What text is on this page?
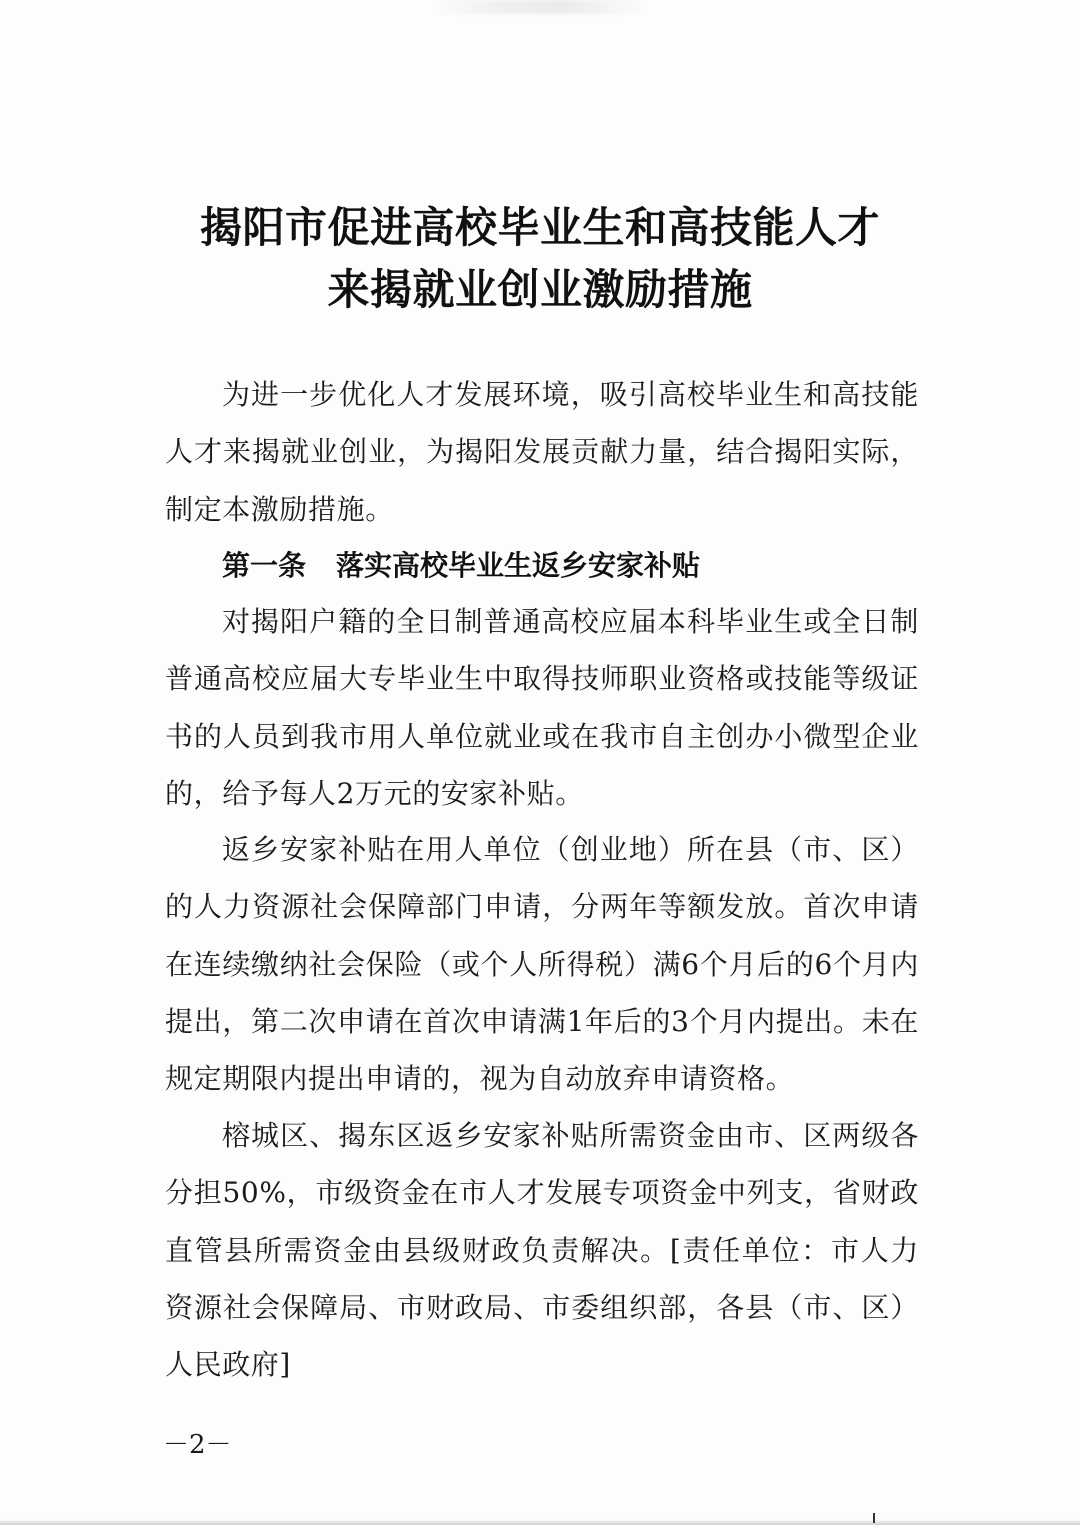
揭阳市促进高校毕业生和高技能人才
来揭就业创业激励措施

为进一步优化人才发展环境，吸引高校毕业生和高技能人才来揭就业创业，为揭阳发展贡献力量，结合揭阳实际，制定本激励措施。

第一条 落实高校毕业生返乡安家补贴

对揭阳户籍的全日制普通高校应届本科毕业生或全日制普通高校应届大专毕业生中取得技师职业资格或技能等级证书的人员到我市用人单位就业或在我市自主创办小微型企业的，给予每人2万元的安家补贴。

返乡安家补贴在用人单位（创业地）所在县（市、区）的人力资源社会保障部门申请，分两年等额发放。首次申请在连续缴纳社会保险（或个人所得税）满6个月后的6个月内提出，第二次申请在首次申请满1年后的3个月内提出。未在规定期限内提出申请的，视为自动放弃申请资格。

榕城区、揭东区返乡安家补贴所需资金由市、区两级各分担50%，市级资金在市人才发展专项资金中列支，省财政直管县所需资金由县级财政负责解决。[责任单位：市人力资源社会保障局、市财政局、市委组织部，各县（市、区）人民政府]

－2－
